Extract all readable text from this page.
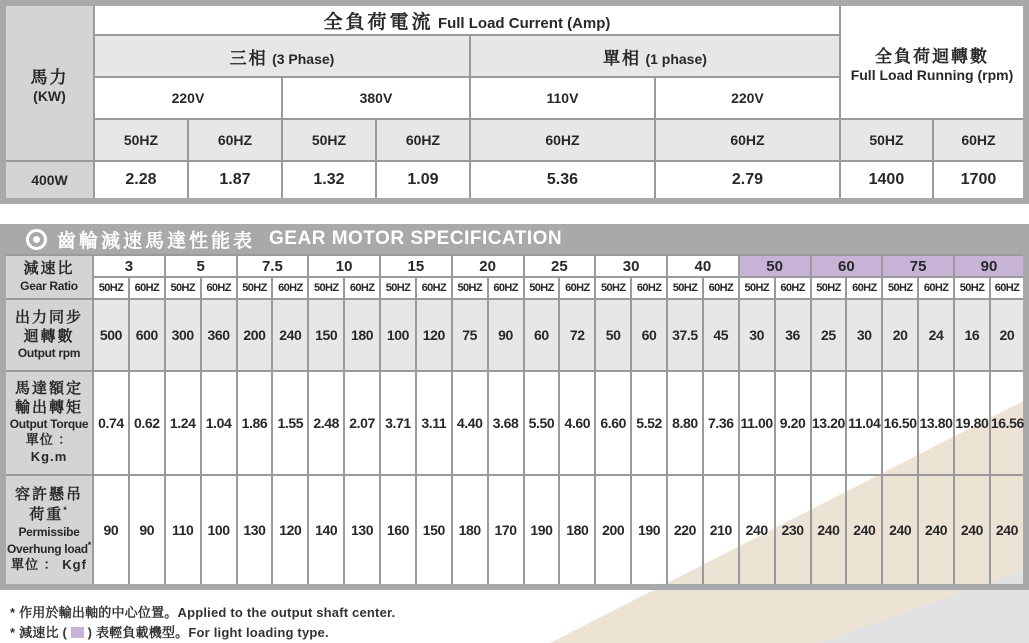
馬力
(KW)
	全負荷電流 Full Load Current (Amp)	
全負荷迴轉數
Full Load Running (rpm)

	三相 (3 Phase)				單相 (1 phase)			
	220V		380V		110V	220V		
	50HZ	60HZ	50HZ	60HZ	60HZ	60HZ	50HZ	60HZ
400W	2.28	1.87	1.32	1.09	5.36	2.79	1400	1700
齒輪減速馬達性能表 GEAR MOTOR SPECIFICATION
減速比
Gear Ratio	3		5		7.5		10		15		20		25		30		40		50		60		75		90	
	50HZ	60HZ	50HZ	60HZ	50HZ	60HZ	50HZ	60HZ	50HZ	60HZ	50HZ	60HZ	50HZ	60HZ	50HZ	60HZ	50HZ	60HZ	50HZ	60HZ	50HZ	60HZ	50HZ	60HZ	50HZ	60HZ

出力同步
迴轉數
Output rpm	500	600	300	360	200	240	150	180	100	120	75	90	60	72	50	60	37.5	45	30	36	25	30	20	24	16	20

馬達額定
輸出轉矩
Output Torque
單位 ： Kg.m	0.74	0.62	1.24	1.04	1.86	1.55	2.48	2.07	3.71	3.11	4.40	3.68	5.50	4.60	6.60	5.52	8.80	7.36	11.00	9.20	13.20	11.04	16.50	13.80	19.80	16.56

容許懸吊
荷重*
Permissibe
Overhung load*
單位 ： Kgf	90	90	110	100	130	120	140	130	160	150	180	170	190	180	200	190	220	210	240	230	240	240	240	240	240	240
* 作用於輸出軸的中心位置。Applied to the output shaft center.
* 減速比 ( ) 表輕負載機型。For light loading type.
